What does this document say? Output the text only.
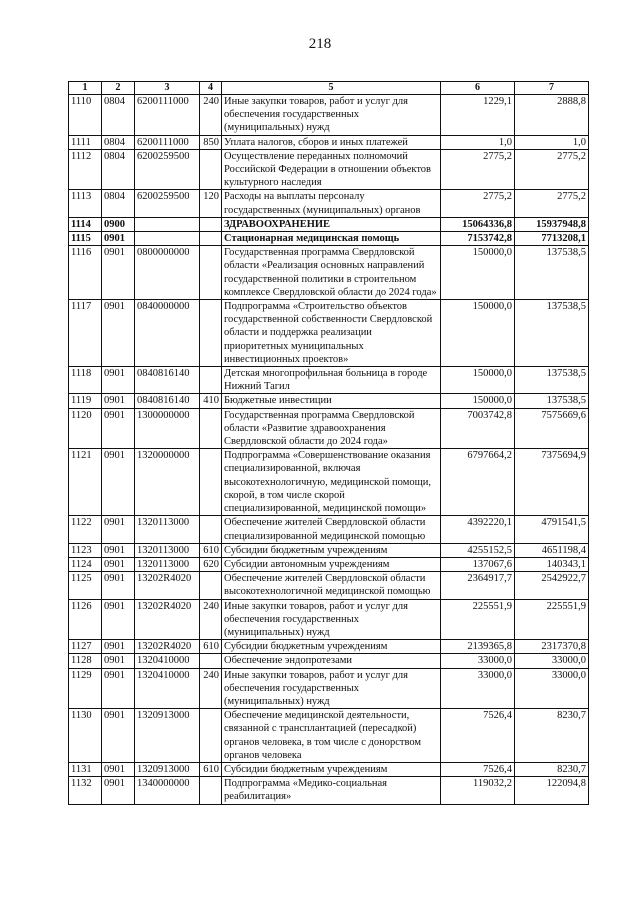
218
1	2	3	4	5	6	7
1110	0804	6200111000	240	Иные закупки товаров, работ и услуг для обеспечения государственных (муниципальных) нужд	1229,1	2888,8
1111	0804	6200111000	850	Уплата налогов, сборов и иных платежей	1,0	1,0
1112	0804	6200259500		Осуществление переданных полномочий Российской Федерации в отношении объектов культурного наследия	2775,2	2775,2
1113	0804	6200259500	120	Расходы на выплаты персоналу государственных (муниципальных) органов	2775,2	2775,2
1114	0900			ЗДРАВООХРАНЕНИЕ	15064336,8	15937948,8
1115	0901			Стационарная медицинская помощь	7153742,8	7713208,1
1116	0901	0800000000		Государственная программа Свердловской области «Реализация основных направлений государственной политики в строительном комплексе Свердловской области до 2024 года»	150000,0	137538,5
1117	0901	0840000000		Подпрограмма «Строительство объектов государственной собственности Свердловской области и поддержка реализации приоритетных муниципальных инвестиционных проектов»	150000,0	137538,5
1118	0901	0840816140		Детская многопрофильная больница в городе Нижний Тагил	150000,0	137538,5
1119	0901	0840816140	410	Бюджетные инвестиции	150000,0	137538,5
1120	0901	1300000000		Государственная программа Свердловской области «Развитие здравоохранения Свердловской области до 2024 года»	7003742,8	7575669,6
1121	0901	1320000000		Подпрограмма «Совершенствование оказания специализированной, включая высокотехнологичную, медицинской помощи, скорой, в том числе скорой специализированной, медицинской помощи»	6797664,2	7375694,9
1122	0901	1320113000		Обеспечение жителей Свердловской области специализированной медицинской помощью	4392220,1	4791541,5
1123	0901	1320113000	610	Субсидии бюджетным учреждениям	4255152,5	4651198,4
1124	0901	1320113000	620	Субсидии автономным учреждениям	137067,6	140343,1
1125	0901	13202R4020		Обеспечение жителей Свердловской области высокотехнологичной медицинской помощью	2364917,7	2542922,7
1126	0901	13202R4020	240	Иные закупки товаров, работ и услуг для обеспечения государственных (муниципальных) нужд	225551,9	225551,9
1127	0901	13202R4020	610	Субсидии бюджетным учреждениям	2139365,8	2317370,8
1128	0901	1320410000		Обеспечение эндопротезами	33000,0	33000,0
1129	0901	1320410000	240	Иные закупки товаров, работ и услуг для обеспечения государственных (муниципальных) нужд	33000,0	33000,0
1130	0901	1320913000		Обеспечение медицинской деятельности, связанной с трансплантацией (пересадкой) органов человека, в том числе с донорством органов человека	7526,4	8230,7
1131	0901	1320913000	610	Субсидии бюджетным учреждениям	7526,4	8230,7
1132	0901	1340000000		Подпрограмма «Медико-социальная реабилитация»	119032,2	122094,8
